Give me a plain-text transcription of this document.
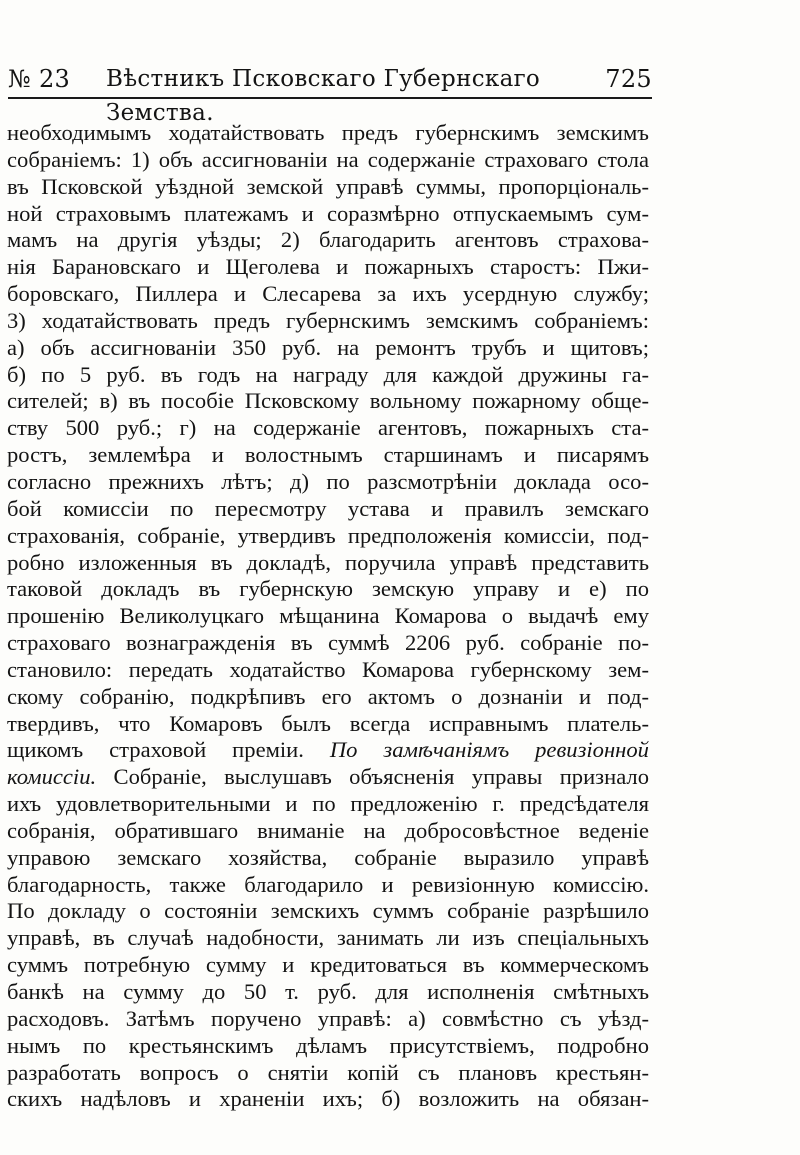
№ 23 Вѣстникъ Псковскаго Губернскаго Земства.
725
необходимымъ ходатайствовать предъ губернскимъ земскимъ
собраніемъ: 1) объ ассигнованіи на содержаніе страховаго стола
въ Псковской уѣздной земской управѣ суммы, пропорціональ-
ной страховымъ платежамъ и соразмѣрно отпускаемымъ сум-
мамъ на другія уѣзды; 2) благодарить агентовъ страхова-
нія Барановскаго и Щеголева и пожарныхъ старостъ: Пжи-
боровскаго, Пиллера и Слесарева за ихъ усердную службу;
3) ходатайствовать предъ губернскимъ земскимъ собраніемъ:
а) объ ассигнованіи 350 руб. на ремонтъ трубъ и щитовъ;
б) по 5 руб. въ годъ на награду для каждой дружины га-
сителей; в) въ пособіе Псковскому вольному пожарному обще-
ству 500 руб.; г) на содержаніе агентовъ, пожарныхъ ста-
ростъ, землемѣра и волостнымъ старшинамъ и писарямъ
согласно прежнихъ лѣтъ; д) по разсмотрѣніи доклада осо-
бой комиссіи по пересмотру устава и правилъ земскаго
страхованія, собраніе, утвердивъ предположенія комиссіи, под-
робно изложенныя въ докладѣ, поручила управѣ представить
таковой докладъ въ губернскую земскую управу и е) по
прошенію Великолуцкаго мѣщанина Комарова о выдачѣ ему
страховаго вознагражденія въ суммѣ 2206 руб. собраніе по-
становило: передать ходатайство Комарова губернскому зем-
скому собранію, подкрѣпивъ его актомъ о дознаніи и под-
твердивъ, что Комаровъ былъ всегда исправнымъ платель-
щикомъ страховой преміи. По замѣчаніямъ ревизіонной
комиссіи. Собраніе, выслушавъ объясненія управы признало
ихъ удовлетворительными и по предложенію г. предсѣдателя
собранія, обратившаго вниманіе на добросовѣстное веденіе
управою земскаго хозяйства, собраніе выразило управѣ
благодарность, также благодарило и ревизіонную комиссію.
По докладу о состояніи земскихъ суммъ собраніе разрѣшило
управѣ, въ случаѣ надобности, занимать ли изъ спеціальныхъ
суммъ потребную сумму и кредитоваться въ коммерческомъ
банкѣ на сумму до 50 т. руб. для исполненія смѣтныхъ
расходовъ. Затѣмъ поручено управѣ: а) совмѣстно съ уѣзд-
нымъ по крестьянскимъ дѣламъ присутствіемъ, подробно
разработать вопросъ о снятіи копій съ плановъ крестьян-
скихъ надѣловъ и храненіи ихъ; б) возложить на обязан-
